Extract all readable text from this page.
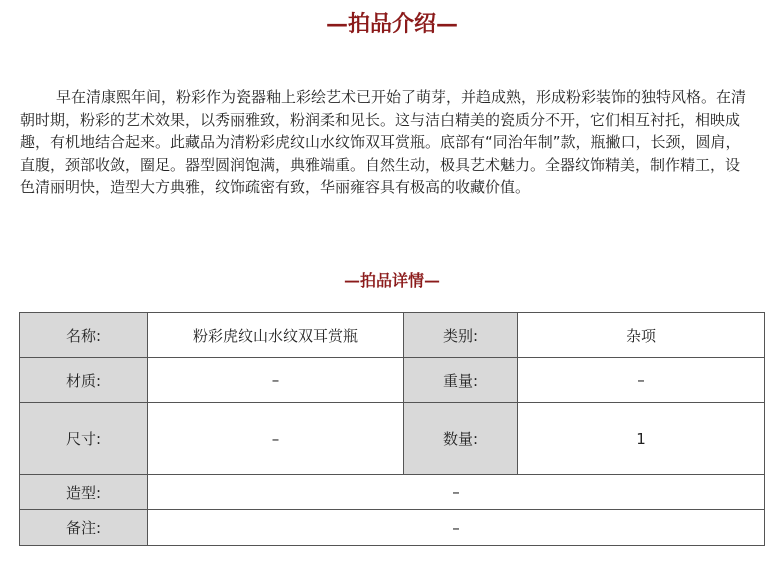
—拍品介绍—

早在清康熙年间，粉彩作为瓷器釉上彩绘艺术已开始了萌芽，并趋成熟，形成粉彩装饰的独特风格。在清朝时期，粉彩的艺术效果，以秀丽雅致，粉润柔和见长。这与洁白精美的瓷质分不开，它们相互衬托，相映成趣，有机地结合起来。此藏品为清粉彩虎纹山水纹饰双耳赏瓶。底部有“同治年制”款，瓶撇口，长颈，圆肩，直腹，颈部收敛，圈足。器型圆润饱满，典雅端重。自然生动，极具艺术魅力。全器纹饰精美，制作精工，设色清丽明快，造型大方典雅，纹饰疏密有致，华丽雍容具有极高的收藏价值。

—拍品详情—
名称:	粉彩虎纹山水纹双耳赏瓶	类别:	杂项
材质:	–	重量:	–
尺寸:	–	数量:	1
造型:	–		
备注:	–		
